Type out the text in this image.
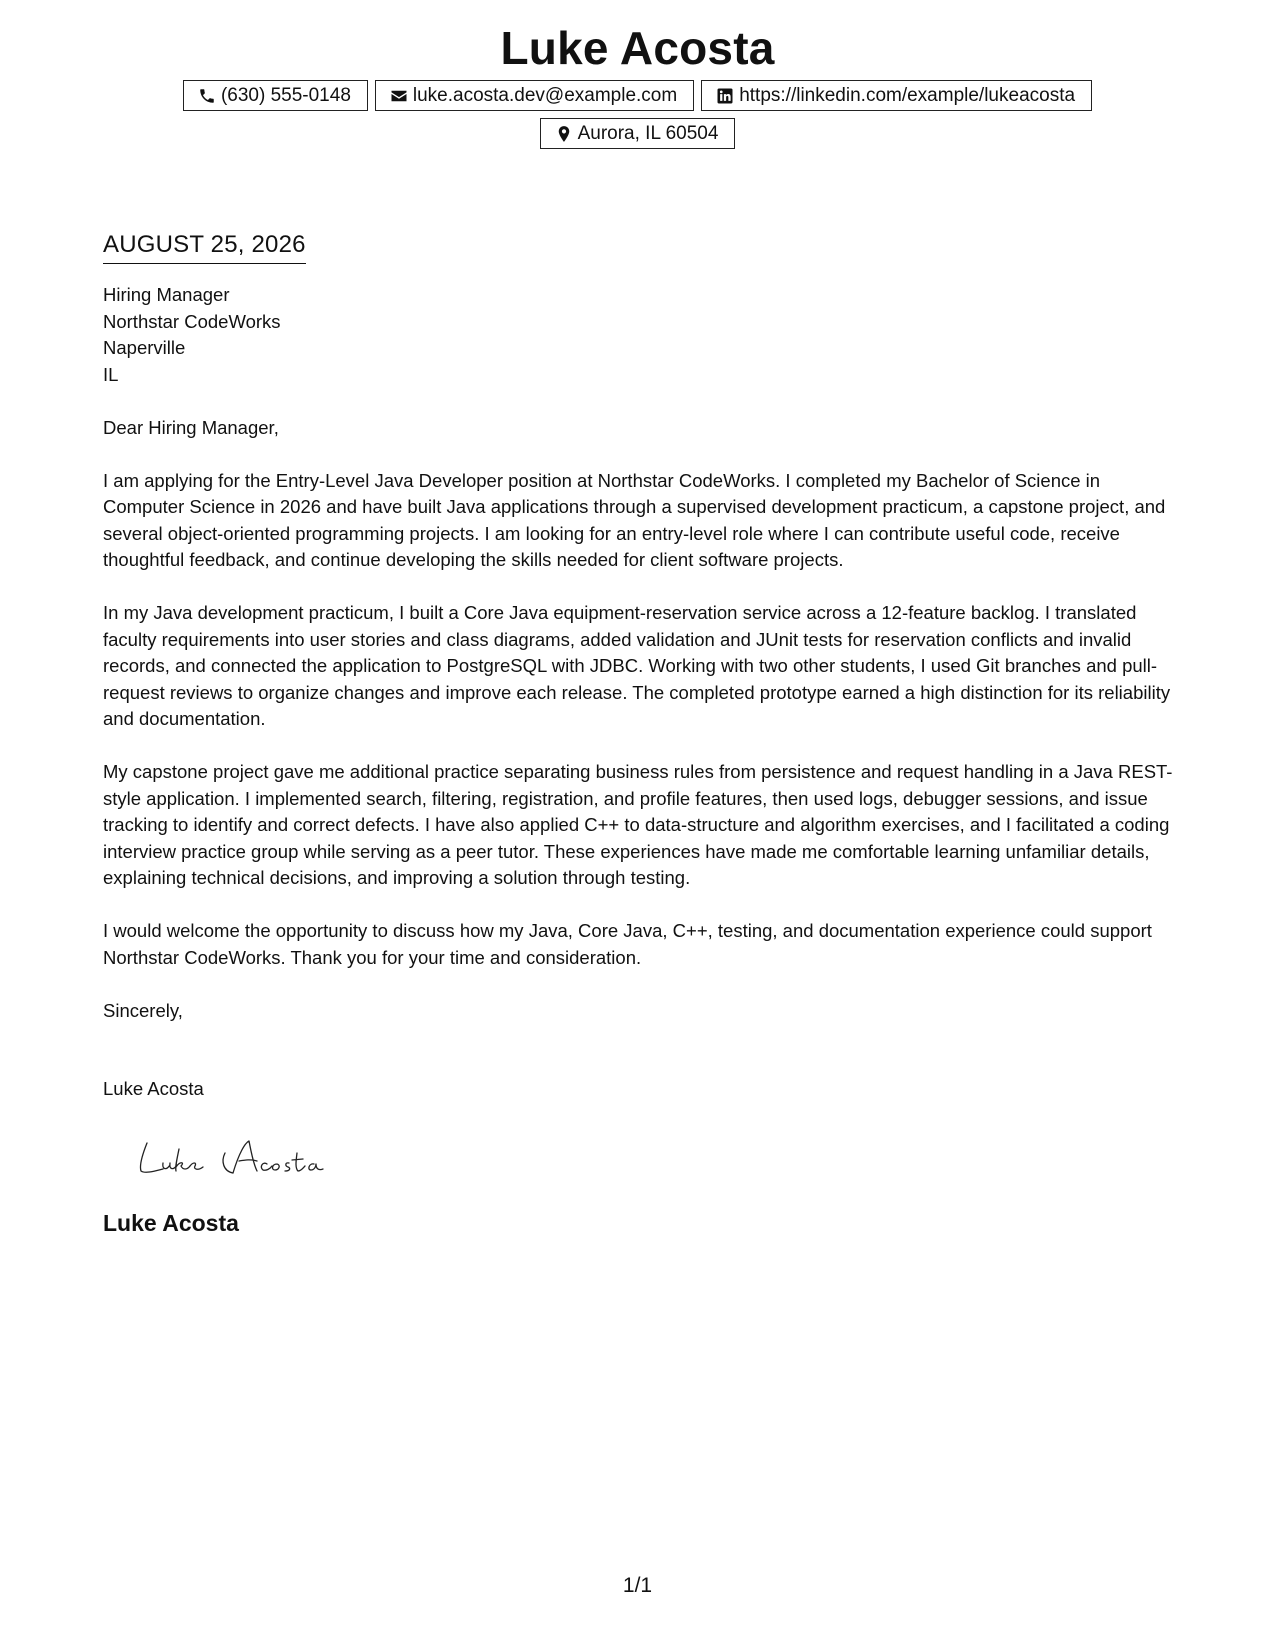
Luke Acosta
(630) 555-0148	luke.acosta.dev@example.com	https://linkedin.com/example/lukeacosta
Aurora, IL 60504
AUGUST 25, 2026
Hiring Manager
Northstar CodeWorks
Naperville
IL

Dear Hiring Manager,

I am applying for the Entry-Level Java Developer position at Northstar CodeWorks. I completed my Bachelor of Science in Computer Science in 2026 and have built Java applications through a supervised development practicum, a capstone project, and several object-oriented programming projects. I am looking for an entry-level role where I can contribute useful code, receive thoughtful feedback, and continue developing the skills needed for client software projects.

In my Java development practicum, I built a Core Java equipment-reservation service across a 12-feature backlog. I translated faculty requirements into user stories and class diagrams, added validation and JUnit tests for reservation conflicts and invalid records, and connected the application to PostgreSQL with JDBC. Working with two other students, I used Git branches and pull-request reviews to organize changes and improve each release. The completed prototype earned a high distinction for its reliability and documentation.

My capstone project gave me additional practice separating business rules from persistence and request handling in a Java REST-style application. I implemented search, filtering, registration, and profile features, then used logs, debugger sessions, and issue tracking to identify and correct defects. I have also applied C++ to data-structure and algorithm exercises, and I facilitated a coding interview practice group while serving as a peer tutor. These experiences have made me comfortable learning unfamiliar details, explaining technical decisions, and improving a solution through testing.

I would welcome the opportunity to discuss how my Java, Core Java, C++, testing, and documentation experience could support Northstar CodeWorks. Thank you for your time and consideration.

Sincerely,
Luke Acosta
Luke Acosta
1/1
